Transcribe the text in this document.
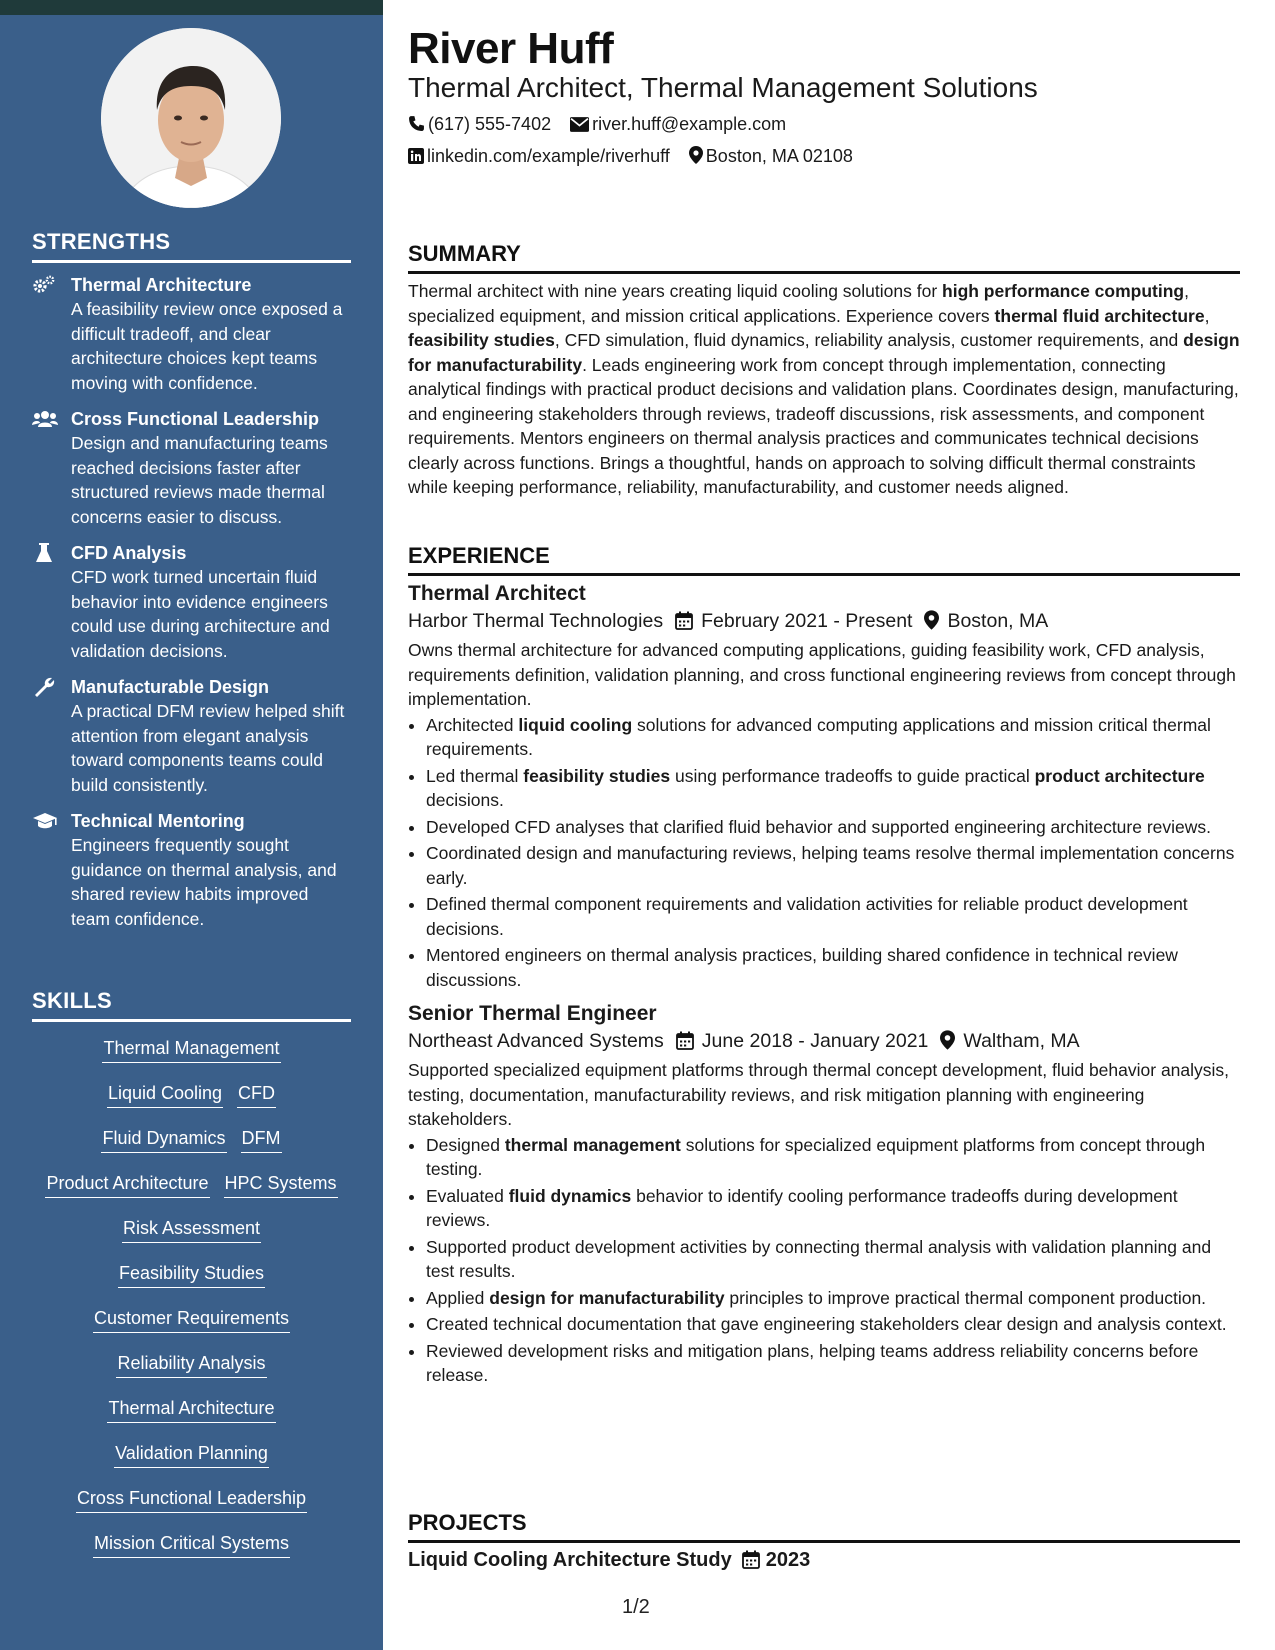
STRENGTHS
Thermal Architecture
A feasibility review once exposed a difficult tradeoff, and clear architecture choices kept teams moving with confidence.
Cross Functional Leadership
Design and manufacturing teams reached decisions faster after structured reviews made thermal concerns easier to discuss.
CFD Analysis
CFD work turned uncertain fluid behavior into evidence engineers could use during architecture and validation decisions.
Manufacturable Design
A practical DFM review helped shift attention from elegant analysis toward components teams could build consistently.
Technical Mentoring
Engineers frequently sought guidance on thermal analysis, and shared review habits improved team confidence.
SKILLS
Thermal Management
Liquid Cooling CFD
Fluid Dynamics DFM
Product Architecture HPC Systems
Risk Assessment
Feasibility Studies
Customer Requirements
Reliability Analysis
Thermal Architecture
Validation Planning
Cross Functional Leadership
Mission Critical Systems
River Huff
Thermal Architect, Thermal Management Solutions
(617) 555-7402 river.huff@example.com
linkedin.com/example/riverhuff Boston, MA 02108
SUMMARY
Thermal architect with nine years creating liquid cooling solutions for high performance computing, specialized equipment, and mission critical applications. Experience covers thermal fluid architecture, feasibility studies, CFD simulation, fluid dynamics, reliability analysis, customer requirements, and design for manufacturability. Leads engineering work from concept through implementation, connecting analytical findings with practical product decisions and validation plans. Coordinates design, manufacturing, and engineering stakeholders through reviews, tradeoff discussions, risk assessments, and component requirements. Mentors engineers on thermal analysis practices and communicates technical decisions clearly across functions. Brings a thoughtful, hands on approach to solving difficult thermal constraints while keeping performance, reliability, manufacturability, and customer needs aligned.
EXPERIENCE
Thermal Architect
Harbor Thermal Technologies February 2021 - Present Boston, MA
Owns thermal architecture for advanced computing applications, guiding feasibility work, CFD analysis, requirements definition, validation planning, and cross functional engineering reviews from concept through implementation.
• Architected liquid cooling solutions for advanced computing applications and mission critical thermal requirements.
• Led thermal feasibility studies using performance tradeoffs to guide practical product architecture decisions.
• Developed CFD analyses that clarified fluid behavior and supported engineering architecture reviews.
• Coordinated design and manufacturing reviews, helping teams resolve thermal implementation concerns early.
• Defined thermal component requirements and validation activities for reliable product development decisions.
• Mentored engineers on thermal analysis practices, building shared confidence in technical review discussions.
Senior Thermal Engineer
Northeast Advanced Systems June 2018 - January 2021 Waltham, MA
Supported specialized equipment platforms through thermal concept development, fluid behavior analysis, testing, documentation, manufacturability reviews, and risk mitigation planning with engineering stakeholders.
• Designed thermal management solutions for specialized equipment platforms from concept through testing.
• Evaluated fluid dynamics behavior to identify cooling performance tradeoffs during development reviews.
• Supported product development activities by connecting thermal analysis with validation planning and test results.
• Applied design for manufacturability principles to improve practical thermal component production.
• Created technical documentation that gave engineering stakeholders clear design and analysis context.
• Reviewed development risks and mitigation plans, helping teams address reliability concerns before release.
PROJECTS
Liquid Cooling Architecture Study 2023
1/2
